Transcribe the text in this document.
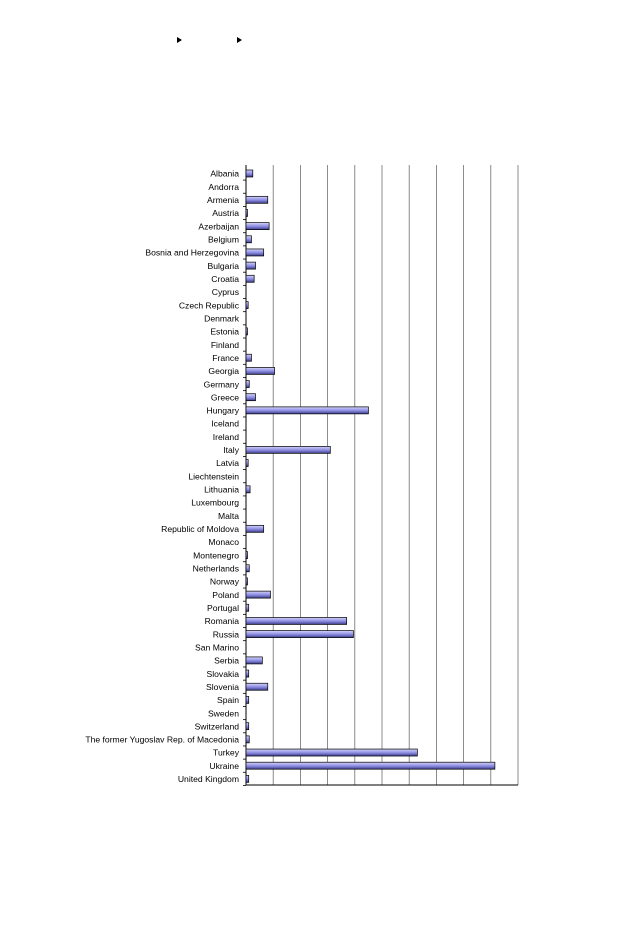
Albania
Andorra
Armenia
Austria
Azerbaijan
Belgium
Bosnia and Herzegovina
Bulgaria
Croatia
Cyprus
Czech Republic
Denmark
Estonia
Finland
France
Georgia
Germany
Greece
Hungary
Iceland
Ireland
Italy
Latvia
Liechtenstein
Lithuania
Luxembourg
Malta
Republic of Moldova
Monaco
Montenegro
Netherlands
Norway
Poland
Portugal
Romania
Russia
San Marino
Serbia
Slovakia
Slovenia
Spain
Sweden
Switzerland
The former Yugoslav Rep. of Macedonia
Turkey
Ukraine
United Kingdom
